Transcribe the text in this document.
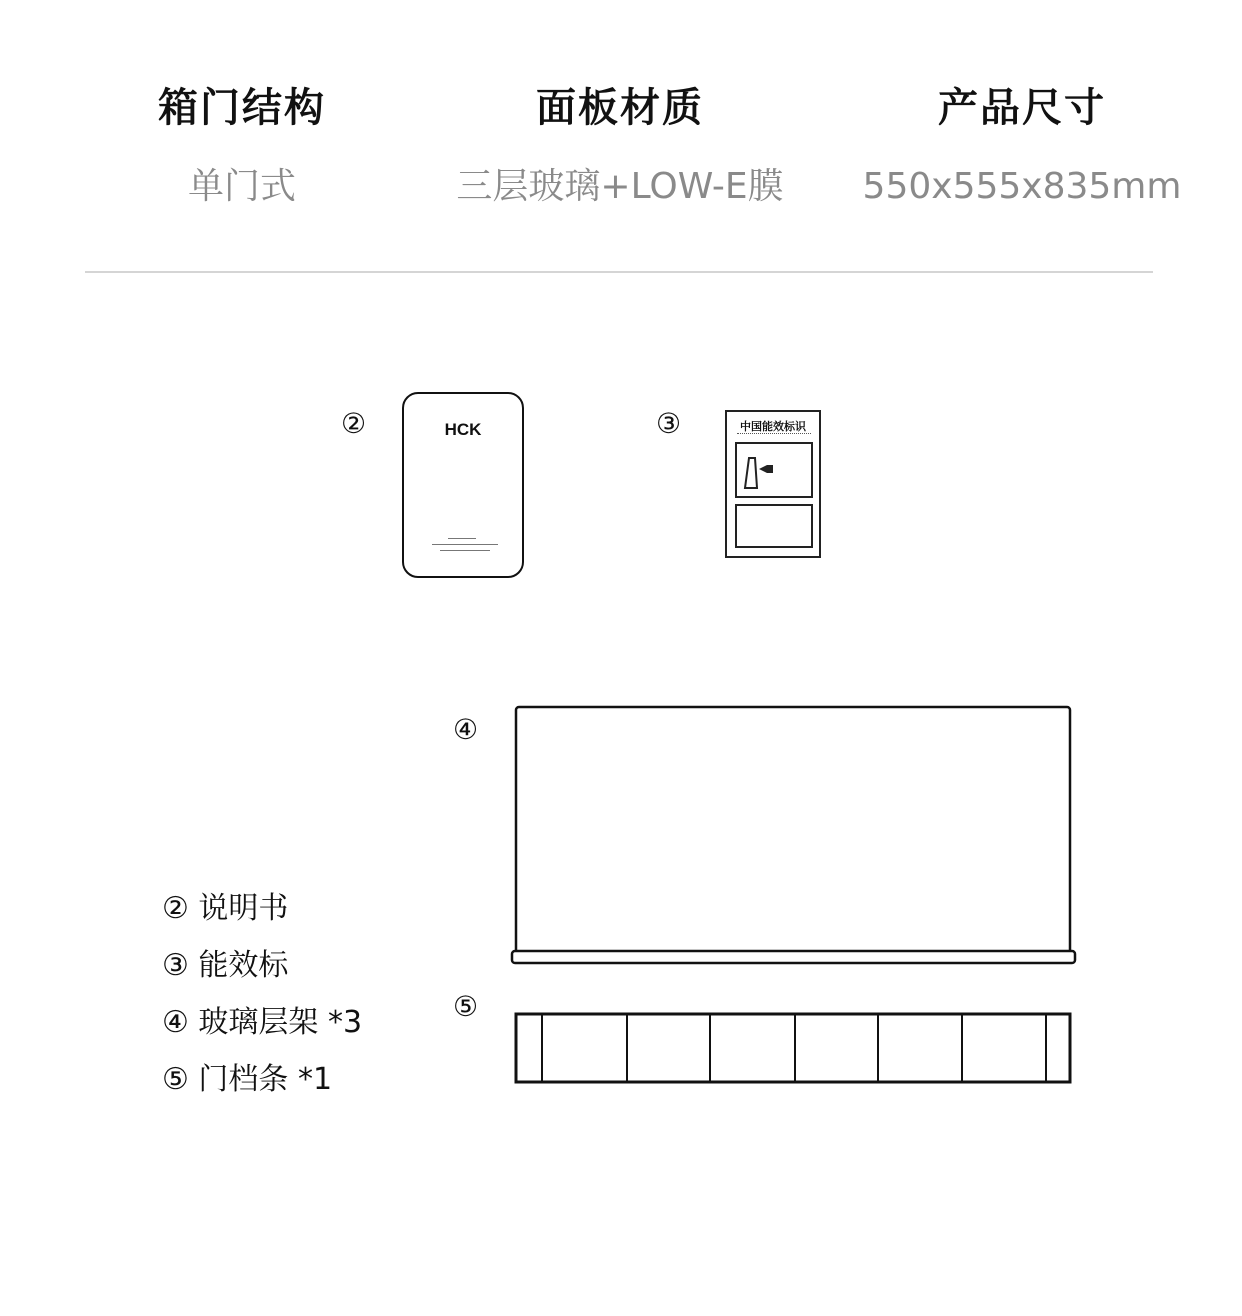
箱门结构
单门式
面板材质
三层玻璃+LOW-E膜
产品尺寸
550x555x835mm
②	③
④
⑤
HCK	中国能效标识
② 说明书
③ 能效标
④ 玻璃层架 *3
⑤ 门档条 *1
